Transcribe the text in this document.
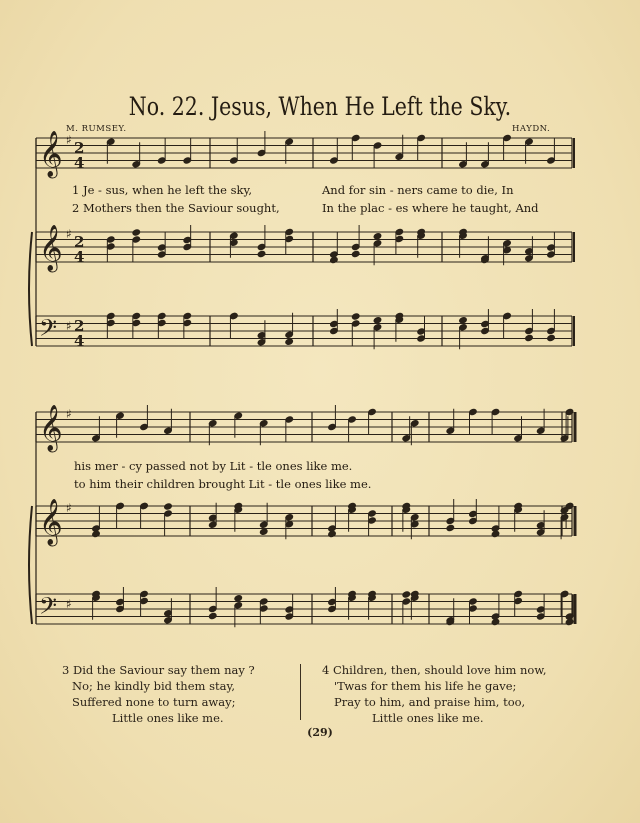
No. 22. Jesus, When He Left the Sky.
M. RUMSEY.	HAYDN.
𝄞 ♯
𝄞 ♯
𝄢 ♯
𝄞 ♯
𝄞 ♯
𝄢 ♯
2
4
2
4
2
4
1 Je - sus, when he left the sky,	And for sin - ners came to die, In
2 Mothers then the Saviour sought,	In the plac - es where he taught, And
his mer - cy passed not by Lit - tle ones like me.
to him their children brought Lit - tle ones like me.
3 Did the Saviour say them nay ?
No; he kindly bid them stay,
Suffered none to turn away;
Little ones like me.
4 Children, then, should love him now,
'Twas for them his life he gave;
Pray to him, and praise him, too,
Little ones like me.
(29)
